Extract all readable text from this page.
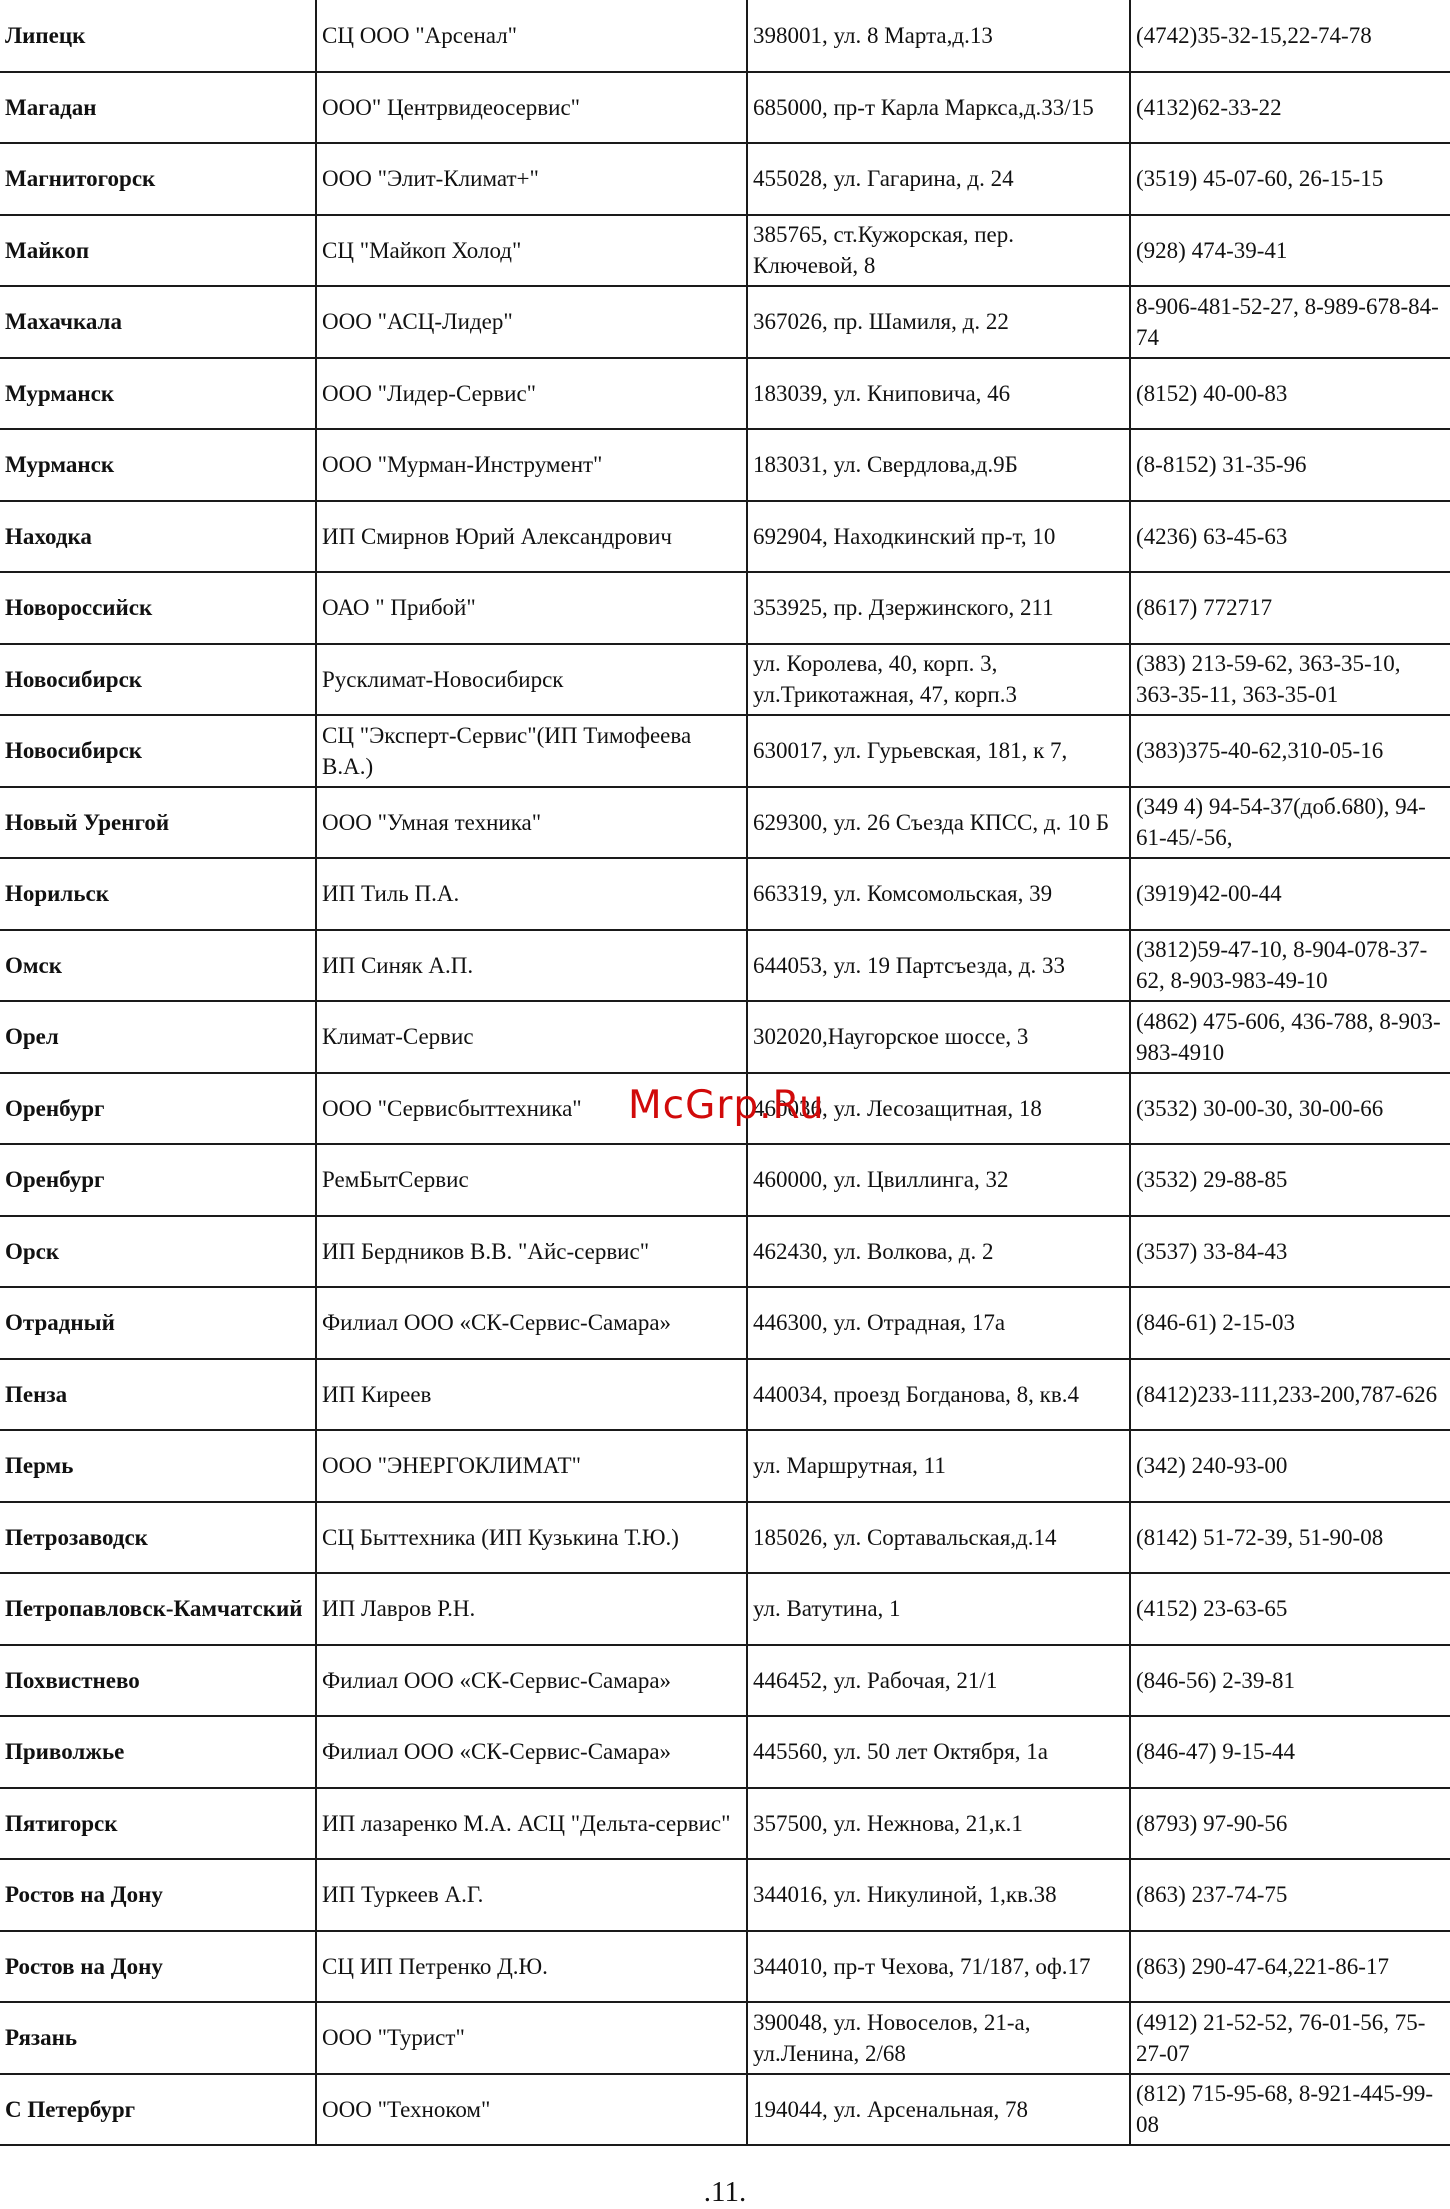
Липецк	СЦ ООО "Арсенал"	398001, ул. 8 Марта,д.13	(4742)35-32-15,22-74-78
Магадан	ООО" Центрвидеосервис"	685000, пр-т Карла Маркса,д.33/15	(4132)62-33-22
Магнитогорск	ООО "Элит-Климат+"	455028, ул. Гагарина, д. 24	(3519) 45-07-60, 26-15-15
Майкоп	СЦ "Майкоп Холод"	385765, ст.Кужорская, пер. Ключевой, 8	(928) 474-39-41
Махачкала	ООО "АСЦ-Лидер"	367026, пр. Шамиля, д. 22	8-906-481-52-27, 8-989-678-84-74
Мурманск	ООО "Лидер-Сервис"	183039, ул. Книповича, 46	(8152) 40-00-83
Мурманск	ООО "Мурман-Инструмент"	183031, ул. Свердлова,д.9Б	(8-8152) 31-35-96
Находка	ИП Смирнов Юрий Александрович	692904, Находкинский пр-т, 10	(4236) 63-45-63
Новороссийск	ОАО " Прибой"	353925, пр. Дзержинского, 211	(8617) 772717
Новосибирск	Русклимат-Новосибирск	ул. Королева, 40, корп. 3, ул.Трикотажная, 47, корп.3	(383) 213-59-62, 363-35-10, 363-35-11, 363-35-01
Новосибирск	СЦ "Эксперт-Сервис"(ИП Тимофеева В.А.)	630017, ул. Гурьевская, 181, к 7,	(383)375-40-62,310-05-16
Новый Уренгой	ООО "Умная техника"	629300, ул. 26 Съезда КПСС, д. 10 Б	(349 4) 94-54-37(доб.680), 94-61-45/-56,
Норильск	ИП Тиль П.А.	663319, ул. Комсомольская, 39	(3919)42-00-44
Омск	ИП Синяк А.П.	644053, ул. 19 Партсъезда, д. 33	(3812)59-47-10, 8-904-078-37-62, 8-903-983-49-10
Орел	Климат-Сервис	302020,Наугорское шоссе, 3	(4862) 475-606, 436-788, 8-903-983-4910
Оренбург	ООО "Сервисбыттехника"	460036, ул. Лесозащитная, 18	(3532) 30-00-30, 30-00-66
Оренбург	РемБытСервис	460000, ул. Цвиллинга, 32	(3532) 29-88-85
Орск	ИП Бердников В.В. "Айс-сервис"	462430, ул. Волкова, д. 2	(3537) 33-84-43
Отрадный	Филиал ООО «СК-Сервис-Самара»	446300, ул. Отрадная, 17а	(846-61) 2-15-03
Пенза	ИП Киреев	440034, проезд Богданова, 8, кв.4	(8412)233-111,233-200,787-626
Пермь	ООО "ЭНЕРГОКЛИМАТ"	ул. Маршрутная, 11	(342) 240-93-00
Петрозаводск	СЦ Быттехника (ИП Кузькина Т.Ю.)	185026, ул. Сортавальская,д.14	(8142) 51-72-39, 51-90-08
Петропавловск-Камчатский	ИП Лавров Р.Н.	ул. Ватутина, 1	(4152) 23-63-65
Похвистнево	Филиал ООО «СК-Сервис-Самара»	446452, ул. Рабочая, 21/1	(846-56) 2-39-81
Приволжье	Филиал ООО «СК-Сервис-Самара»	445560, ул. 50 лет Октября, 1а	(846-47) 9-15-44
Пятигорск	ИП лазаренко М.А. АСЦ "Дельта-сервис"	357500, ул. Нежнова, 21,к.1	(8793) 97-90-56
Ростов на Дону	ИП Туркеев А.Г.	344016, ул. Никулиной, 1,кв.38	(863) 237-74-75
Ростов на Дону	СЦ ИП Петренко Д.Ю.	344010, пр-т Чехова, 71/187, оф.17	(863) 290-47-64,221-86-17
Рязань	ООО "Турист"	390048, ул. Новоселов, 21-а, ул.Ленина, 2/68	(4912) 21-52-52, 76-01-56, 75-27-07
С Петербург	ООО "Техноком"	194044, ул. Арсенальная, 78	(812) 715-95-68, 8-921-445-99-08
McGrp.Ru
.11.
